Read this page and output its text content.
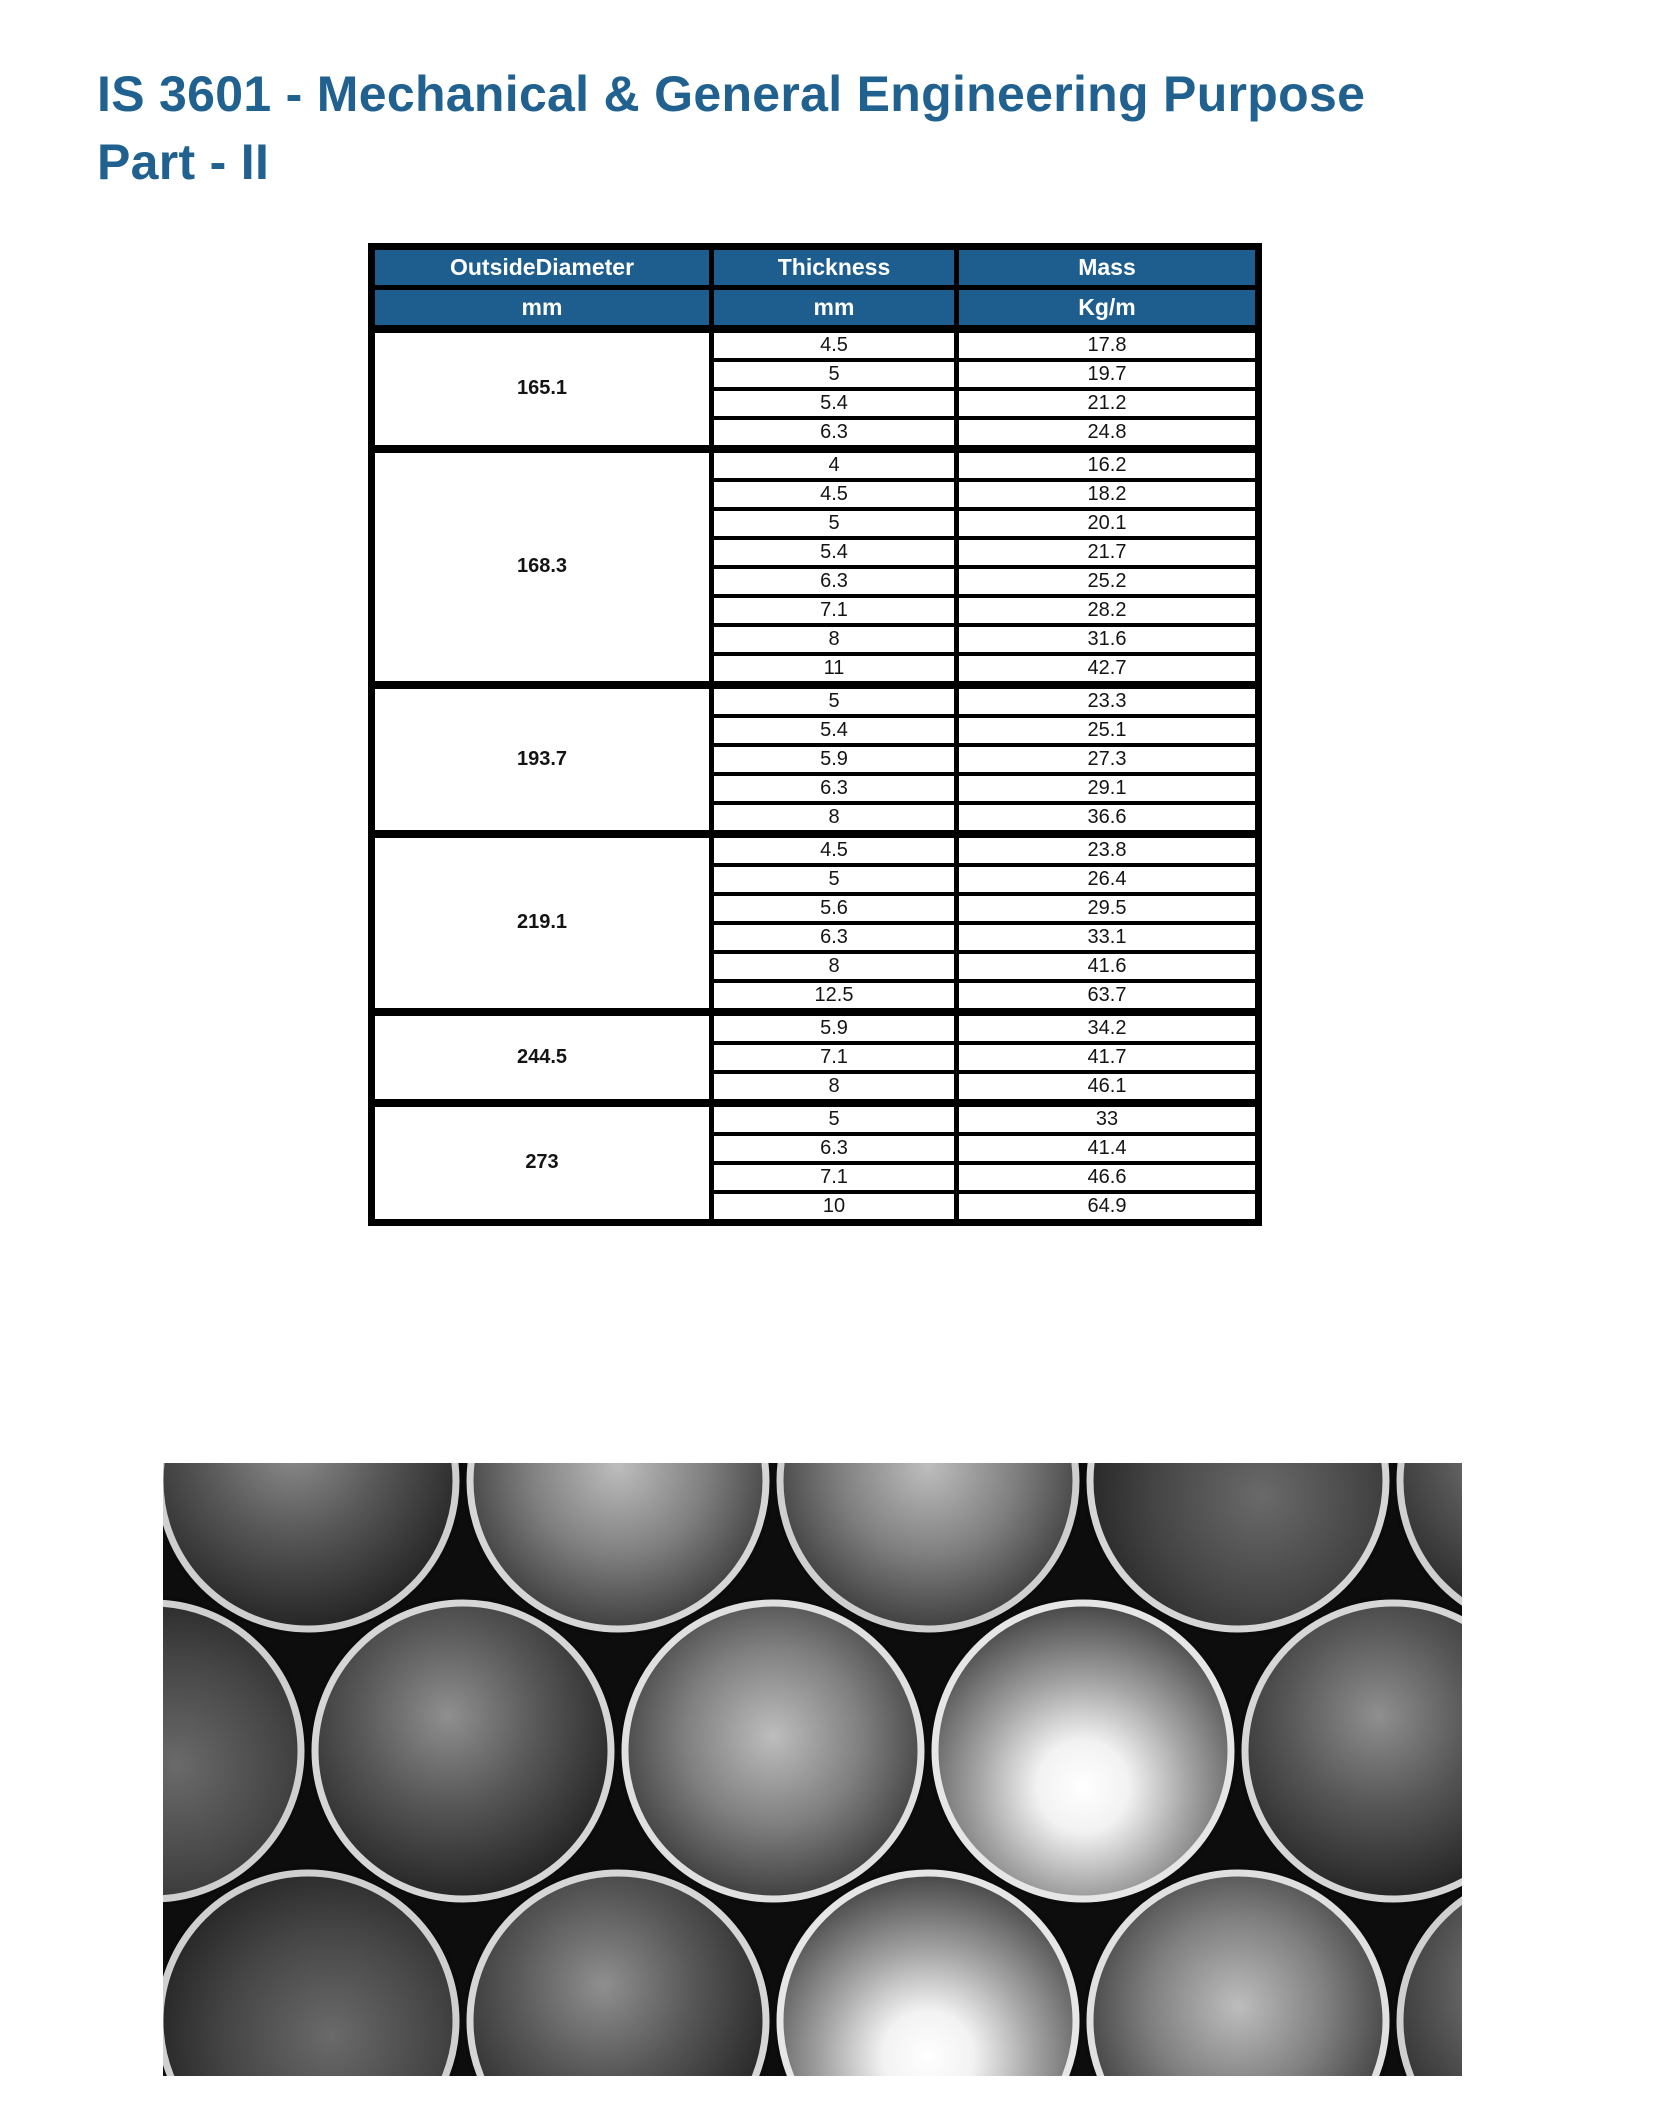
IS 3601 - Mechanical & General Engineering Purpose
Part - II
OutsideDiameter	Thickness	Mass
mm	mm	Kg/m
165.1	4.5	17.8
	5	19.7
	5.4	21.2
	6.3	24.8
168.3	4	16.2
	4.5	18.2
	5	20.1
	5.4	21.7
	6.3	25.2
	7.1	28.2
	8	31.6
	11	42.7
193.7	5	23.3
	5.4	25.1
	5.9	27.3
	6.3	29.1
	8	36.6
219.1	4.5	23.8
	5	26.4
	5.6	29.5
	6.3	33.1
	8	41.6
	12.5	63.7
244.5	5.9	34.2
	7.1	41.7
	8	46.1
273	5	33
	6.3	41.4
	7.1	46.6
	10	64.9
